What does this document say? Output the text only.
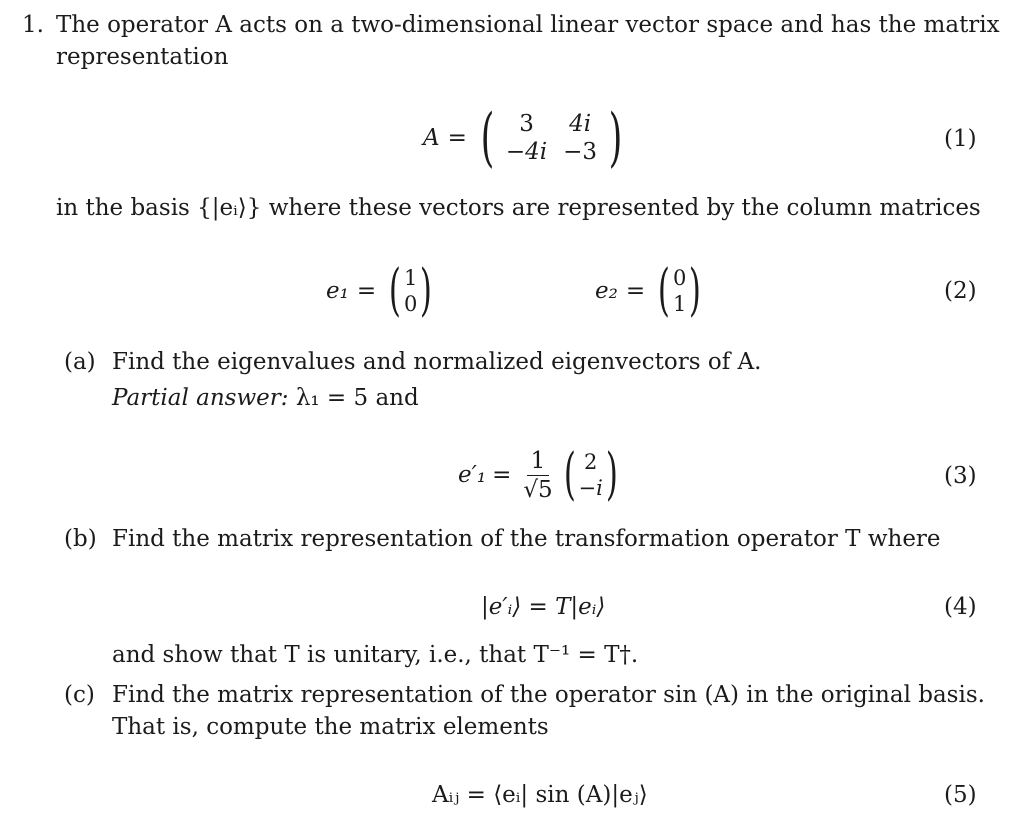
1. The operator A acts on a two-dimensional linear vector space and has the matrix
representation
A = ( 3	4i
−4i	−3 )	(1)
in the basis {|eᵢ⟩} where these vectors are represented by the column matrices
e₁ = ( 1
0 )	e₂ = ( 0
1 )	(2)
(a) Find the eigenvalues and normalized eigenvectors of A.
Partial answer: λ₁ = 5 and
$e'_1 = \frac{1}{√5}$ ( 2
−i )	(3)
(b) Find the matrix representation of the transformation operator T where
|e′ᵢ⟩ = T|eᵢ⟩	(4)
and show that T is unitary, i.e., that T⁻¹ = T†.
(c) Find the matrix representation of the operator sin (A) in the original basis.
That is, compute the matrix elements
Aᵢⱼ = ⟨eᵢ| sin (A)|eⱼ⟩	(5)
